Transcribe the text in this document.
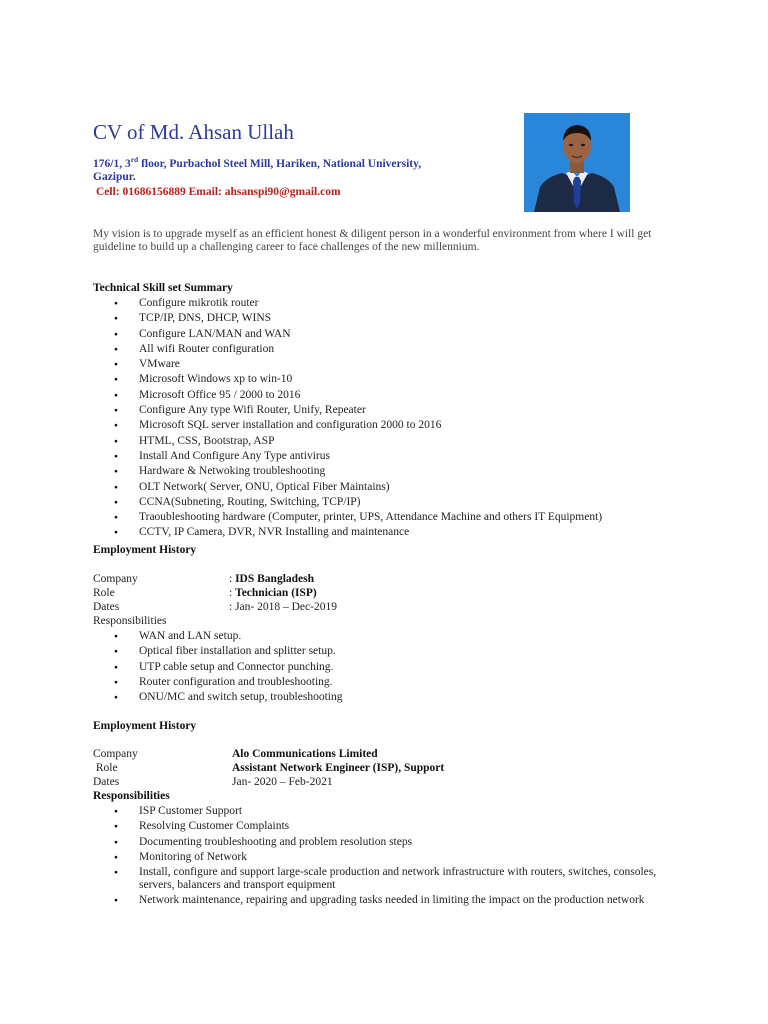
CV of Md. Ahsan Ullah
176/1, 3rd floor, Purbachol Steel Mill, Hariken, National University,
Gazipur.
Cell: 01686156889 Email: ahsanspi90@gmail.com
My vision is to upgrade myself as an efficient honest & diligent person in a wonderful environment from where I will get guideline to build up a challenging career to face challenges of the new millennium.
Technical Skill set Summary
● Configure mikrotik router
● TCP/IP, DNS, DHCP, WINS
● Configure LAN/MAN and WAN
● All wifi Router configuration
● VMware
● Microsoft Windows xp to win-10
● Microsoft Office 95 / 2000 to 2016
● Configure Any type Wifi Router, Unify, Repeater
● Microsoft SQL server installation and configuration 2000 to 2016
● HTML, CSS, Bootstrap, ASP
● Install And Configure Any Type antivirus
● Hardware & Netwoking troubleshooting
● OLT Network( Server, ONU, Optical Fiber Maintains)
● CCNA(Subneting, Routing, Switching, TCP/IP)
● Traoubleshooting hardware (Computer, printer, UPS, Attendance Machine and others IT Equipment)
● CCTV, IP Camera, DVR, NVR Installing and maintenance
Employment History
Company	: IDS Bangladesh
Role	: Technician (ISP)
Dates	: Jan- 2018 – Dec-2019
Responsibilities
● WAN and LAN setup.
● Optical fiber installation and splitter setup.
● UTP cable setup and Connector punching.
● Router configuration and troubleshooting.
● ONU/MC and switch setup, troubleshooting
Employment History
Company	Alo Communications Limited
Role	Assistant Network Engineer (ISP), Support
Dates	Jan- 2020 – Feb-2021
Responsibilities
● ISP Customer Support
● Resolving Customer Complaints
● Documenting troubleshooting and problem resolution steps
● Monitoring of Network
● Install, configure and support large-scale production and network infrastructure with routers, switches, consoles, servers, balancers and transport equipment
● Network maintenance, repairing and upgrading tasks needed in limiting the impact on the production network
